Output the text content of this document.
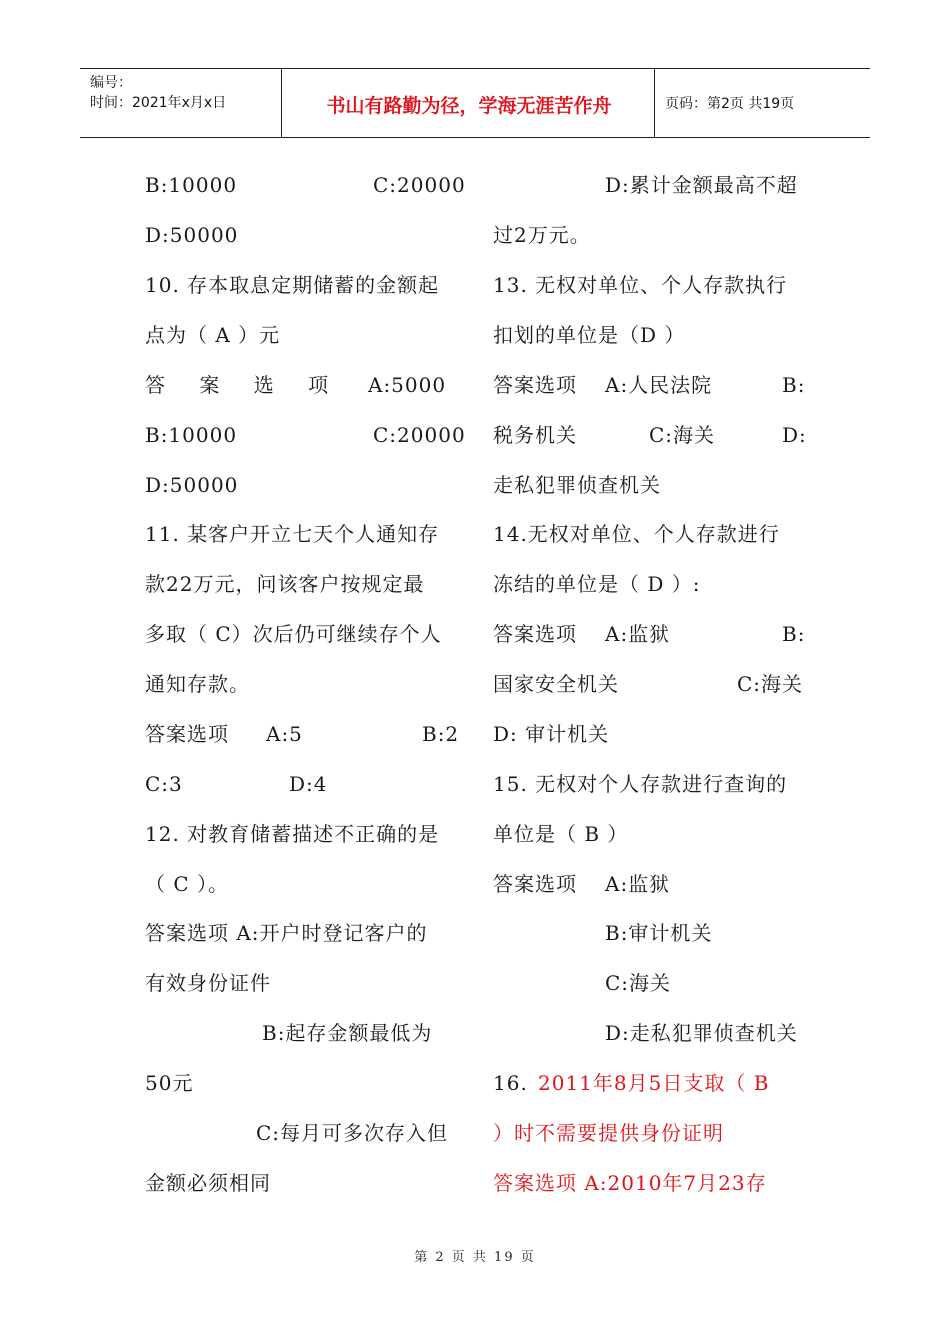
编号：
时间：2021年x月x日	书山有路勤为径，学海无涯苦作舟	页码：第2页 共19页
B:10000	C:20000
D:50000
10. 存本取息定期储蓄的金额起
点为（ A ）元
答 案 选 项 A:5000
B:10000	C:20000
D:50000
11. 某客户开立七天个人通知存
款22万元，问该客户按规定最
多取（ C）次后仍可继续存个人
通知存款。
答案选项 A:5	B:2
C:3	D:4
12. 对教育储蓄描述不正确的是
（ C ）。
答案选项 A:开户时登记客户的
有效身份证件
B:起存金额最低为
50元
C:每月可多次存入但
金额必须相同
D:累计金额最高不超
过2万元。
13. 无权对单位、个人存款执行
扣划的单位是（D ）
答案选项 A:人民法院	B:
税务机关	C:海关	D:
走私犯罪侦查机关
14.无权对单位、个人存款进行
冻结的单位是（ D ）:
答案选项 A:监狱	B:
国家安全机关	C:海关
D: 审计机关
15. 无权对个人存款进行查询的
单位是（ B ）
答案选项 A:监狱
B:审计机关
C:海关
D:走私犯罪侦查机关
16. 2011年8月5日支取（ B
）时不需要提供身份证明
答案选项 A:2010年7月23存
第 2 页 共 19 页
